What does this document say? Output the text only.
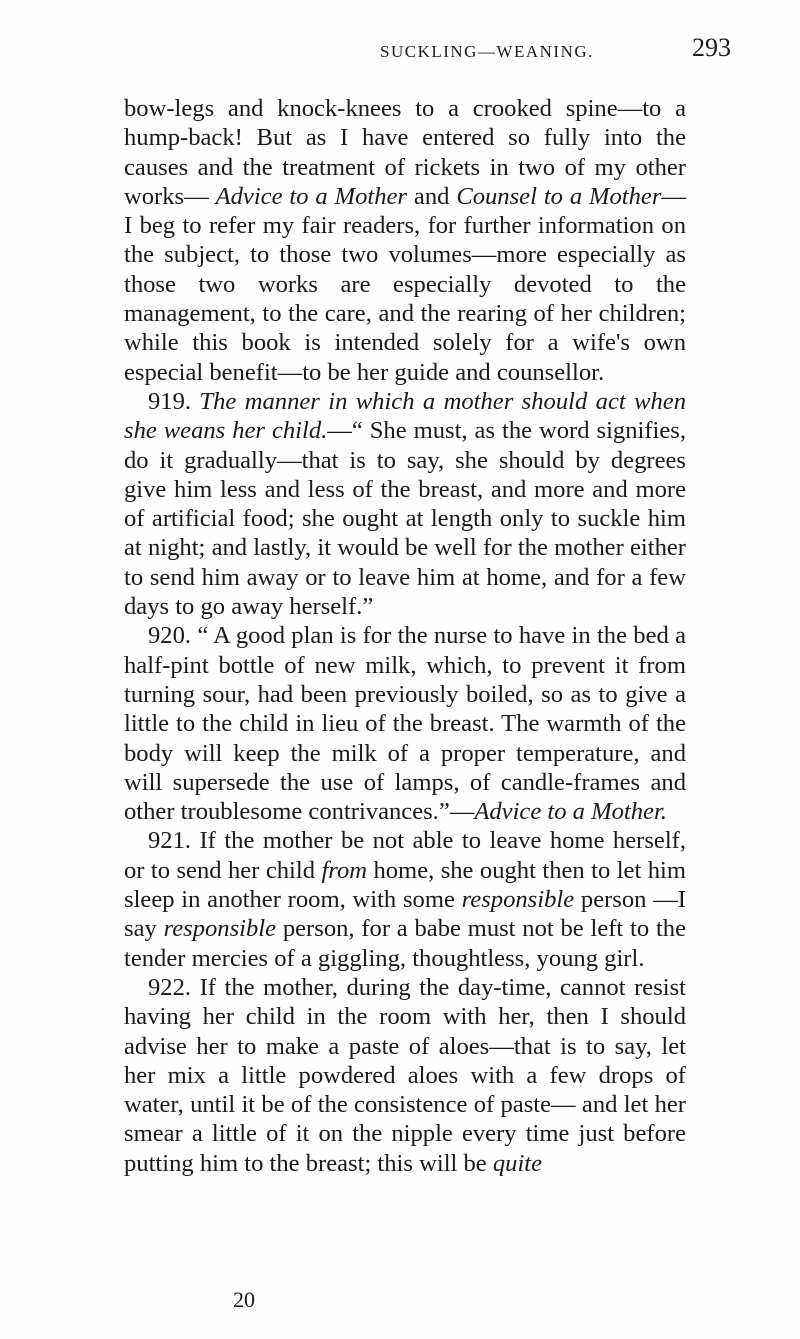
SUCKLING—WEANING.	293

bow-legs and knock-knees to a crooked spine—to a hump-back! But as I have entered so fully into the causes and the treatment of rickets in two of my other works— Advice to a Mother and Counsel to a Mother—I beg to refer my fair readers, for further information on the subject, to those two volumes—more especially as those two works are especially devoted to the management, to the care, and the rearing of her children; while this book is intended solely for a wife's own especial benefit—to be her guide and counsellor.

919. The manner in which a mother should act when she weans her child.—“ She must, as the word signifies, do it gradually—that is to say, she should by degrees give him less and less of the breast, and more and more of artificial food; she ought at length only to suckle him at night; and lastly, it would be well for the mother either to send him away or to leave him at home, and for a few days to go away herself.”

920. “ A good plan is for the nurse to have in the bed a half-pint bottle of new milk, which, to prevent it from turning sour, had been previously boiled, so as to give a little to the child in lieu of the breast. The warmth of the body will keep the milk of a proper temperature, and will supersede the use of lamps, of candle-frames and other troublesome contrivances.”—Advice to a Mother.

921. If the mother be not able to leave home herself, or to send her child from home, she ought then to let him sleep in another room, with some responsible person —I say responsible person, for a babe must not be left to the tender mercies of a giggling, thoughtless, young girl.

922. If the mother, during the day-time, cannot resist having her child in the room with her, then I should advise her to make a paste of aloes—that is to say, let her mix a little powdered aloes with a few drops of water, until it be of the consistence of paste— and let her smear a little of it on the nipple every time just before putting him to the breast; this will be quite

20
